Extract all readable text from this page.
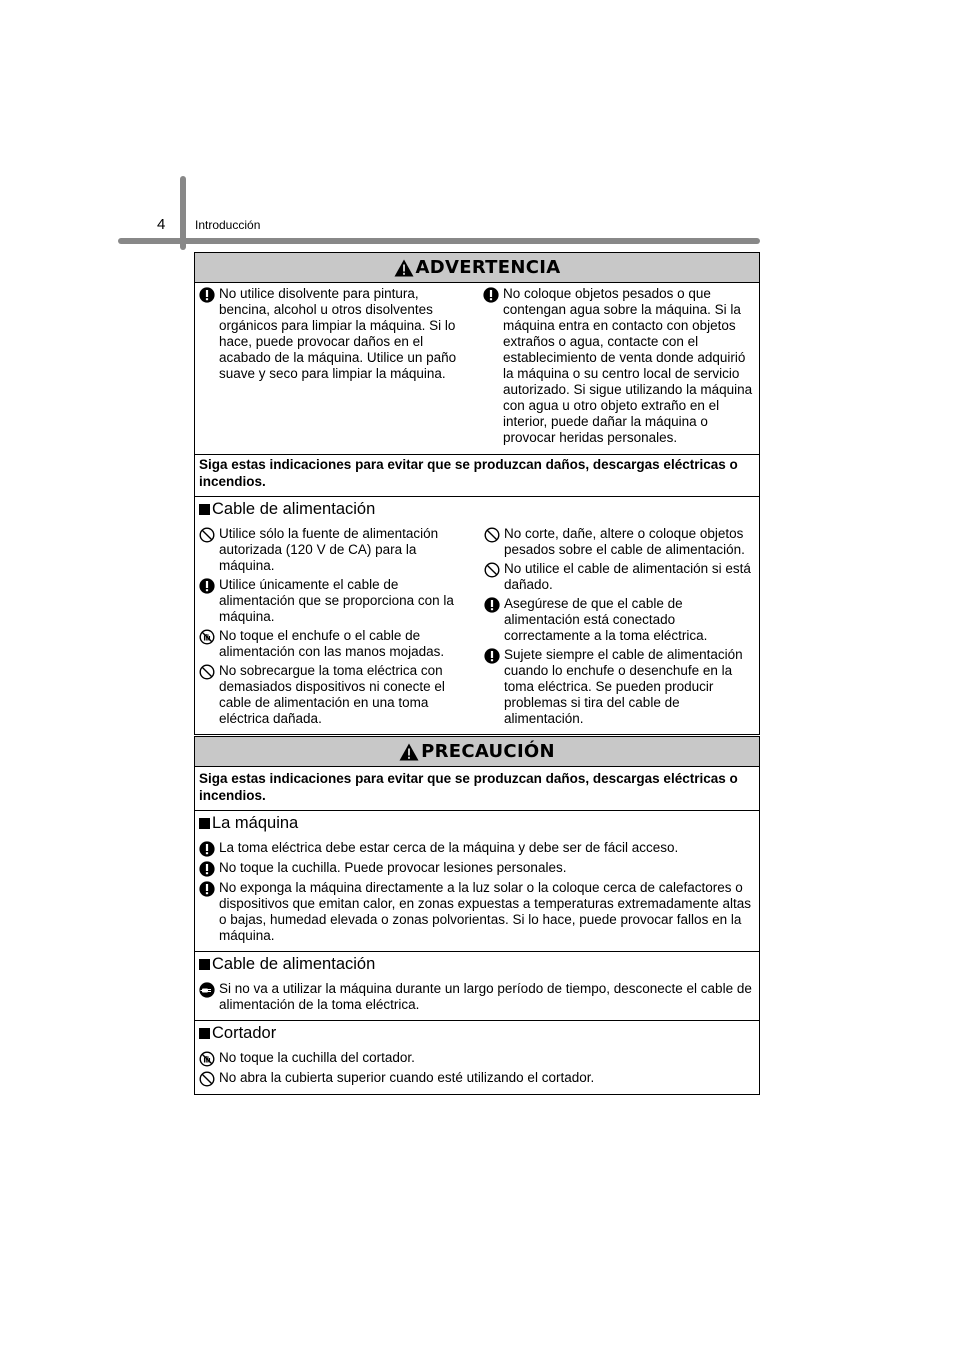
4 Introducción
ADVERTENCIA
No utilice disolvente para pintura, bencina, alcohol u otros disolventes orgánicos para limpiar la máquina. Si lo hace, puede provocar daños en el acabado de la máquina. Utilice un paño suave y seco para limpiar la máquina.
No coloque objetos pesados o que contengan agua sobre la máquina. Si la máquina entra en contacto con objetos extraños o agua, contacte con el establecimiento de venta donde adquirió la máquina o su centro local de servicio autorizado. Si sigue utilizando la máquina con agua u otro objeto extraño en el interior, puede dañar la máquina o provocar heridas personales.
Siga estas indicaciones para evitar que se produzcan daños, descargas eléctricas o incendios.
Cable de alimentación
Utilice sólo la fuente de alimentación autorizada (120 V de CA) para la máquina.
Utilice únicamente el cable de alimentación que se proporciona con la máquina.
No toque el enchufe o el cable de alimentación con las manos mojadas.
No sobrecargue la toma eléctrica con demasiados dispositivos ni conecte el cable de alimentación en una toma eléctrica dañada.
No corte, dañe, altere o coloque objetos pesados sobre el cable de alimentación.
No utilice el cable de alimentación si está dañado.
Asegúrese de que el cable de alimentación está conectado correctamente a la toma eléctrica.
Sujete siempre el cable de alimentación cuando lo enchufe o desenchufe en la toma eléctrica. Se pueden producir problemas si tira del cable de alimentación.
PRECAUCIÓN
Siga estas indicaciones para evitar que se produzcan daños, descargas eléctricas o incendios.
La máquina
La toma eléctrica debe estar cerca de la máquina y debe ser de fácil acceso.
No toque la cuchilla. Puede provocar lesiones personales.
No exponga la máquina directamente a la luz solar o la coloque cerca de calefactores o dispositivos que emitan calor, en zonas expuestas a temperaturas extremadamente altas o bajas, humedad elevada o zonas polvorientas. Si lo hace, puede provocar fallos en la máquina.
Cable de alimentación
Si no va a utilizar la máquina durante un largo período de tiempo, desconecte el cable de alimentación de la toma eléctrica.
Cortador
No toque la cuchilla del cortador.
No abra la cubierta superior cuando esté utilizando el cortador.
